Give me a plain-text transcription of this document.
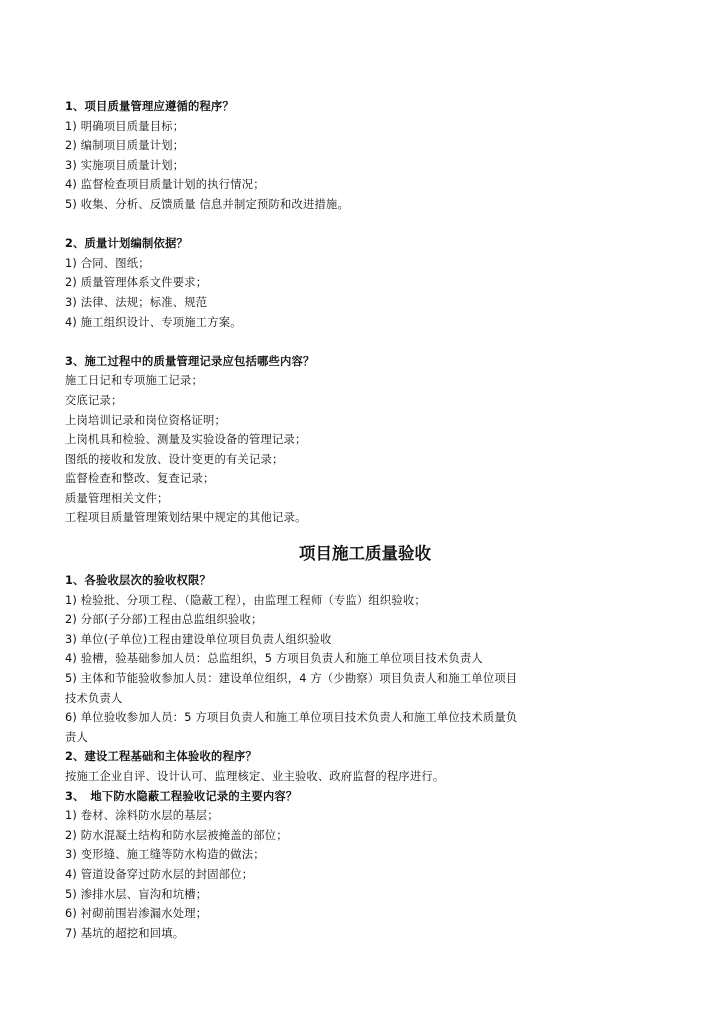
1、项目质量管理应遵循的程序？
1) 明确项目质量目标；
2) 编制项目质量计划；
3) 实施项目质量计划；
4) 监督检查项目质量计划的执行情况；
5) 收集、分析、反馈质量 信息并制定预防和改进措施。
2、质量计划编制依据？
1) 合同、图纸；
2) 质量管理体系文件要求；
3) 法律、法规；标准、规范
4) 施工组织设计、专项施工方案。
3、施工过程中的质量管理记录应包括哪些内容？
施工日记和专项施工记录；
交底记录；
上岗培训记录和岗位资格证明；
上岗机具和检验、测量及实验设备的管理记录；
图纸的接收和发放、设计变更的有关记录；
监督检查和整改、复查记录；
质量管理相关文件；
工程项目质量管理策划结果中规定的其他记录。
项目施工质量验收
1、各验收层次的验收权限？
1) 检验批、分项工程、（隐蔽工程），由监理工程师（专监）组织验收；
2) 分部(子分部)工程由总监组织验收；
3) 单位(子单位)工程由建设单位项目负责人组织验收
4) 验槽，验基础参加人员：总监组织，5 方项目负责人和施工单位项目技术负责人
5) 主体和节能验收参加人员：建设单位组织，4 方（少勘察）项目负责人和施工单位项目
技术负责人
6) 单位验收参加人员：5 方项目负责人和施工单位项目技术负责人和施工单位技术质量负
责人
2、建设工程基础和主体验收的程序？
按施工企业自评、设计认可、监理核定、业主验收、政府监督的程序进行。
3、　地下防水隐蔽工程验收记录的主要内容？
1) 卷材、涂料防水层的基层；
2) 防水混凝土结构和防水层被掩盖的部位；
3) 变形缝、施工缝等防水构造的做法；
4) 管道设备穿过防水层的封固部位；
5) 渗排水层、盲沟和坑槽；
6) 衬砌前围岩渗漏水处理；
7) 基坑的超挖和回填。
